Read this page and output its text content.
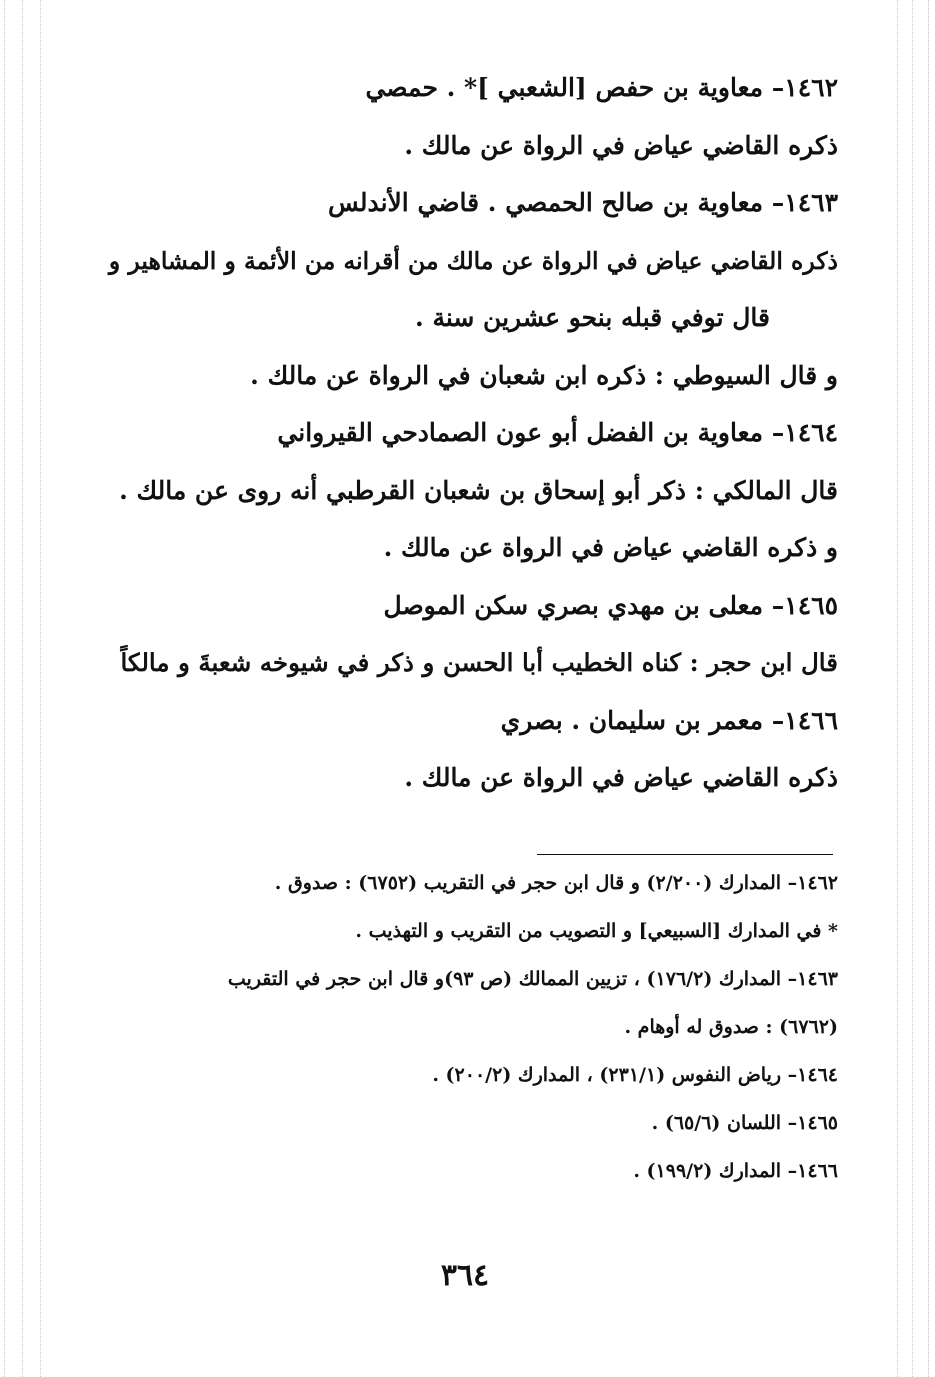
١٤٦٢– معاوية بن حفص [الشعبي ]* . حمصي
ذكره القاضي عياض في الرواة عن مالك .
١٤٦٣– معاوية بن صالح الحمصي . قاضي الأندلس
ذكره القاضي عياض في الرواة عن مالك من أقرانه من الأئمة و المشاهير و
قال توفي قبله بنحو عشرين سنة .
و قال السيوطي : ذكره ابن شعبان في الرواة عن مالك .
١٤٦٤– معاوية بن الفضل أبو عون الصمادحي القيرواني
قال المالكي : ذكر أبو إسحاق بن شعبان القرطبي أنه روى عن مالك .
و ذكره القاضي عياض في الرواة عن مالك .
١٤٦٥– معلى بن مهدي بصري سكن الموصل
قال ابن حجر : كناه الخطيب أبا الحسن و ذكر في شيوخه شعبةَ و مالكاً
١٤٦٦– معمر بن سليمان . بصري
ذكره القاضي عياض في الرواة عن مالك .
١٤٦٢– المدارك (٢/٢٠٠) و قال ابن حجر في التقريب (٦٧٥٢) : صدوق .
* في المدارك [السبيعي] و التصويب من التقريب و التهذيب .
١٤٦٣– المدارك (١٧٦/٢) ، تزيين الممالك (ص ٩٣)و قال ابن حجر في التقريب
(٦٧٦٢) : صدوق له أوهام .
١٤٦٤– رياض النفوس (٢٣١/١) ، المدارك (٢٠٠/٢) .
١٤٦٥– اللسان (٦٥/٦) .
١٤٦٦– المدارك (١٩٩/٢) .
٣٦٤
